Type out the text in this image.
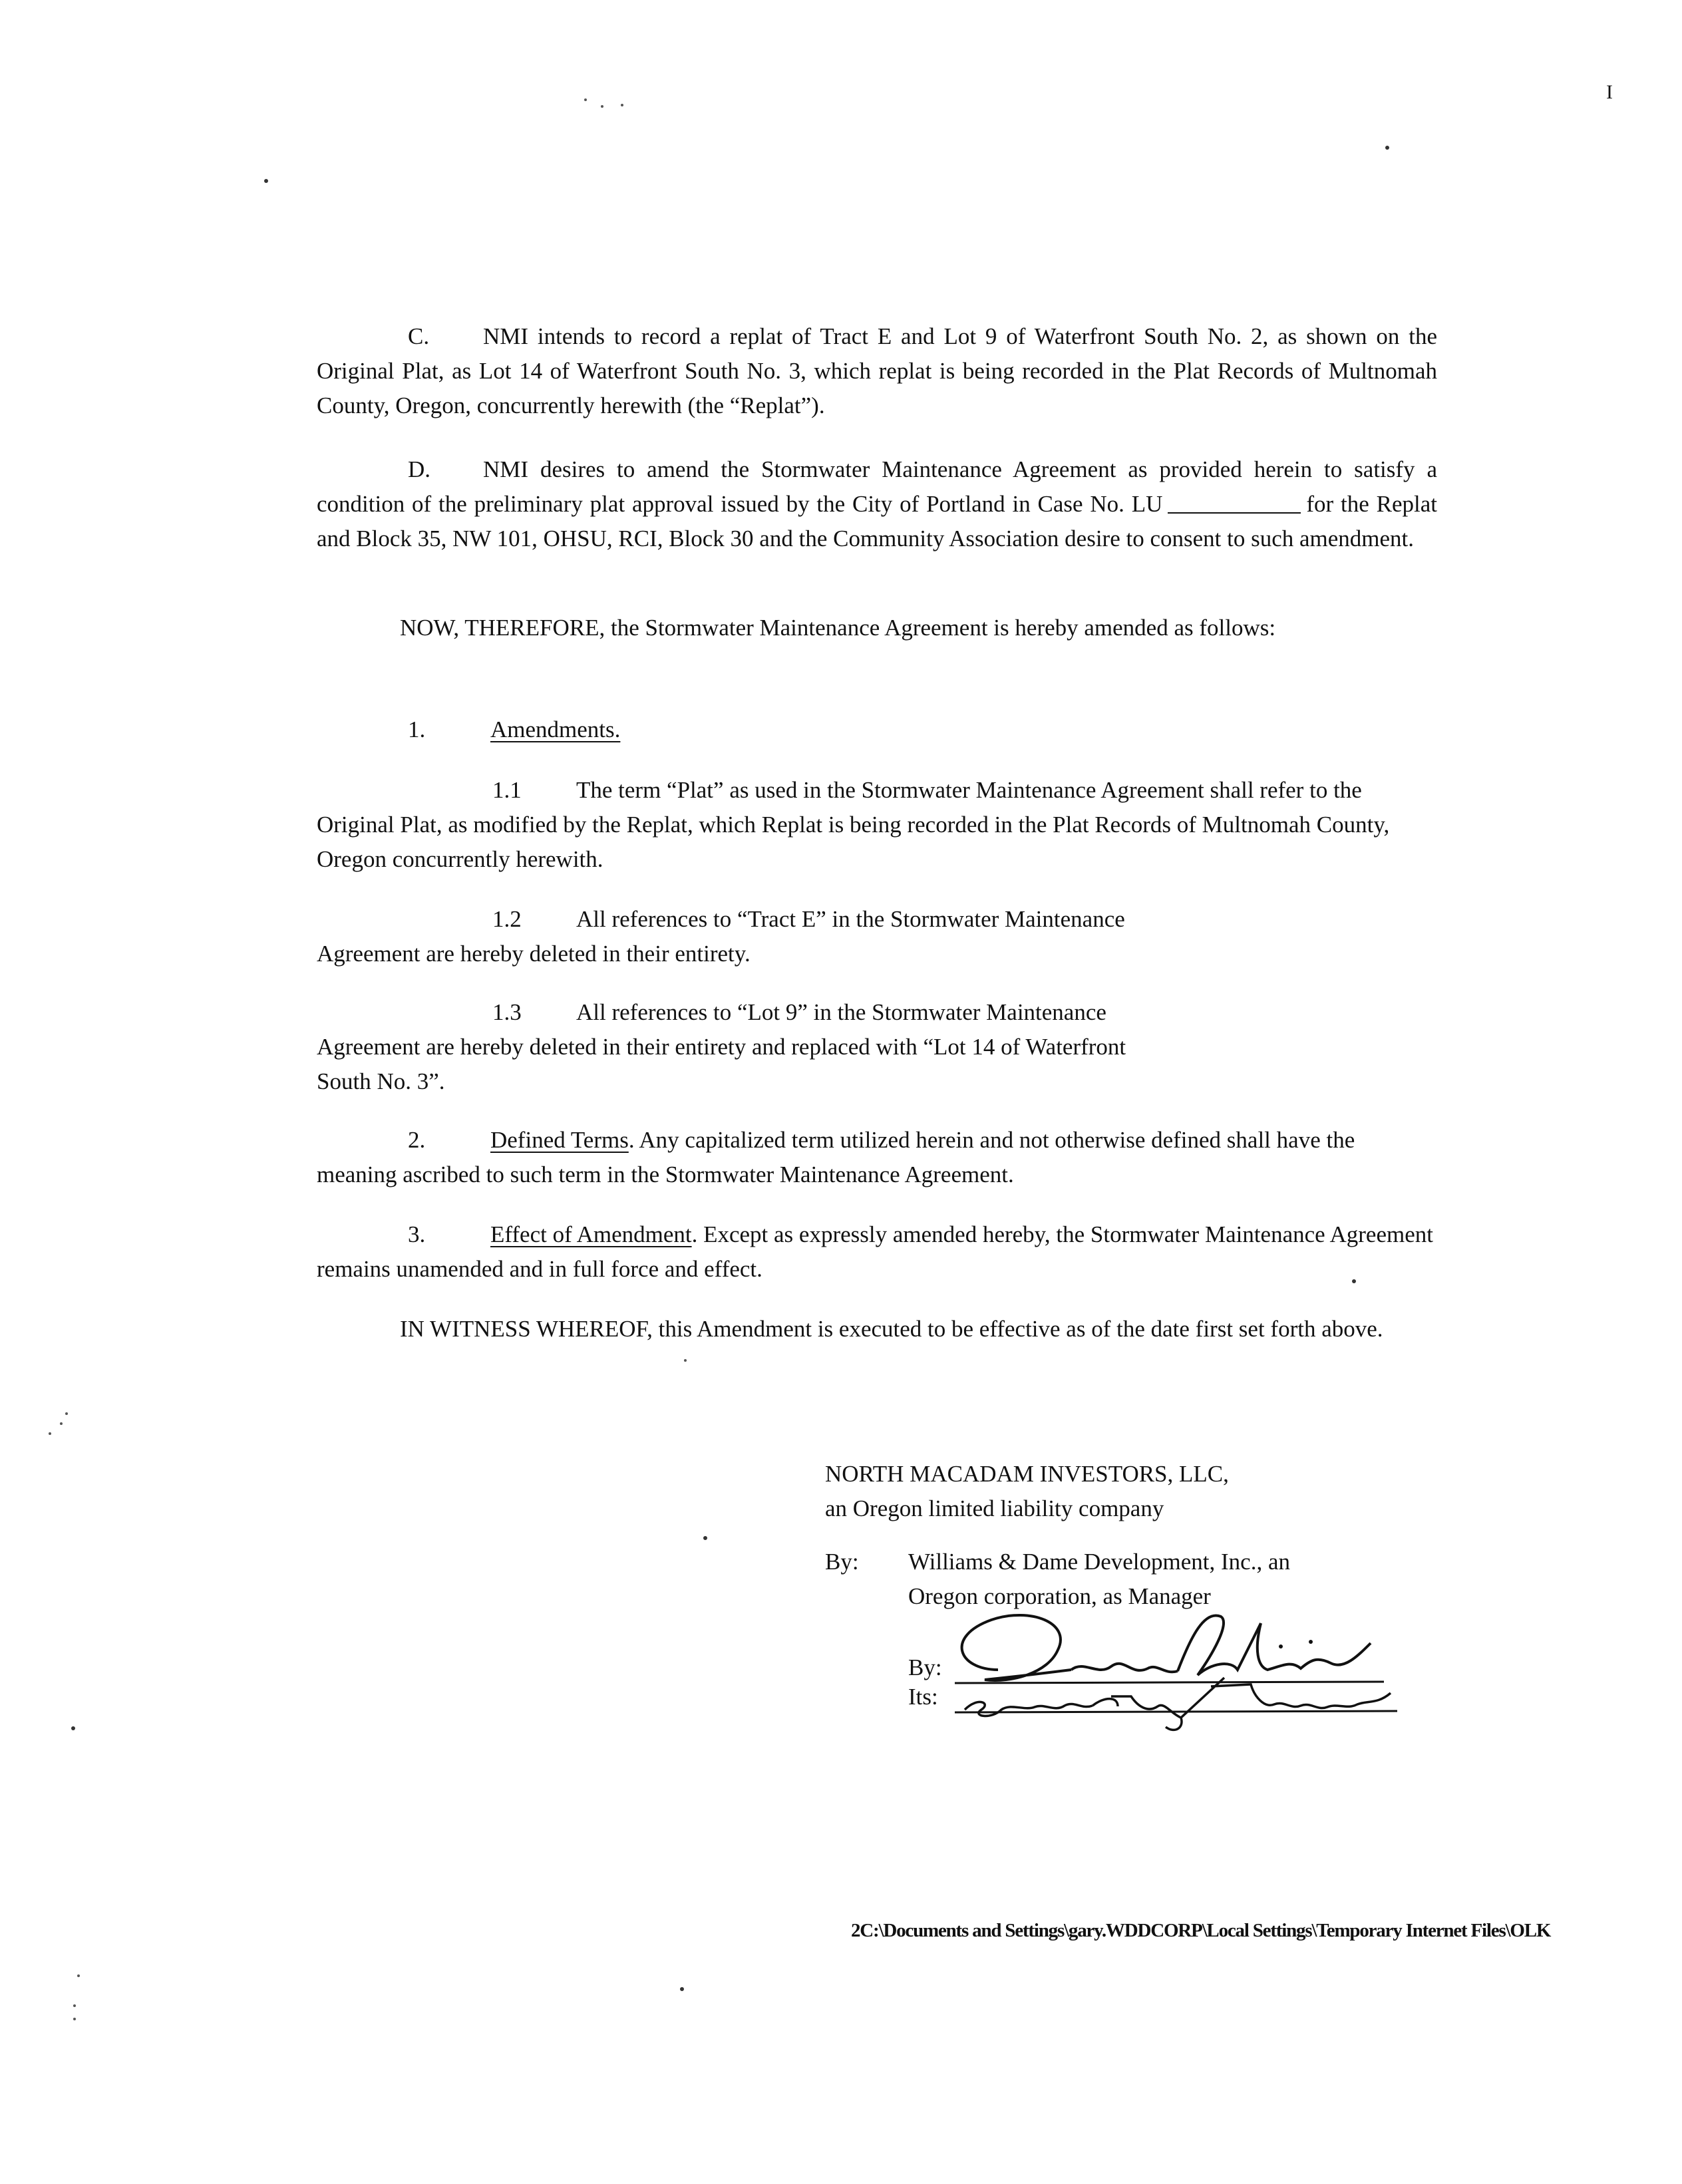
I
C. NMI intends to record a replat of Tract E and Lot 9 of Waterfront South No. 2, as shown on the Original Plat, as Lot 14 of Waterfront South No. 3, which replat is being recorded in the Plat Records of Multnomah County, Oregon, concurrently herewith (the “Replat”).
D. NMI desires to amend the Stormwater Maintenance Agreement as provided herein to satisfy a condition of the preliminary plat approval issued by the City of Portland in Case No. LU	for the Replat and Block 35, NW 101, OHSU, RCI, Block 30 and the Community Association desire to consent to such amendment.
NOW, THEREFORE, the Stormwater Maintenance Agreement is hereby amended as follows:
1.	Amendments.
1.1 The term “Plat” as used in the Stormwater Maintenance Agreement shall refer to the Original Plat, as modified by the Replat, which Replat is being recorded in the Plat Records of Multnomah County, Oregon concurrently herewith.
1.2 All references to “Tract E” in the Stormwater Maintenance
Agreement are hereby deleted in their entirety.
1.3 All references to “Lot 9” in the Stormwater Maintenance
Agreement are hereby deleted in their entirety and replaced with “Lot 14 of Waterfront
South No. 3”.
2.	Defined Terms. Any capitalized term utilized herein and not otherwise defined shall have the meaning ascribed to such term in the Stormwater Maintenance Agreement.
3.	Effect of Amendment. Except as expressly amended hereby, the Stormwater Maintenance Agreement remains unamended and in full force and effect.
IN WITNESS WHEREOF, this Amendment is executed to be effective as of the date first set forth above.
NORTH MACADAM INVESTORS, LLC,
an Oregon limited liability company
By: Williams & Dame Development, Inc., an
Oregon corporation, as Manager
By:
Its:
2C:\Documents and Settings\gary.WDDCORP\Local Settings\Temporary Internet Files\OLK
